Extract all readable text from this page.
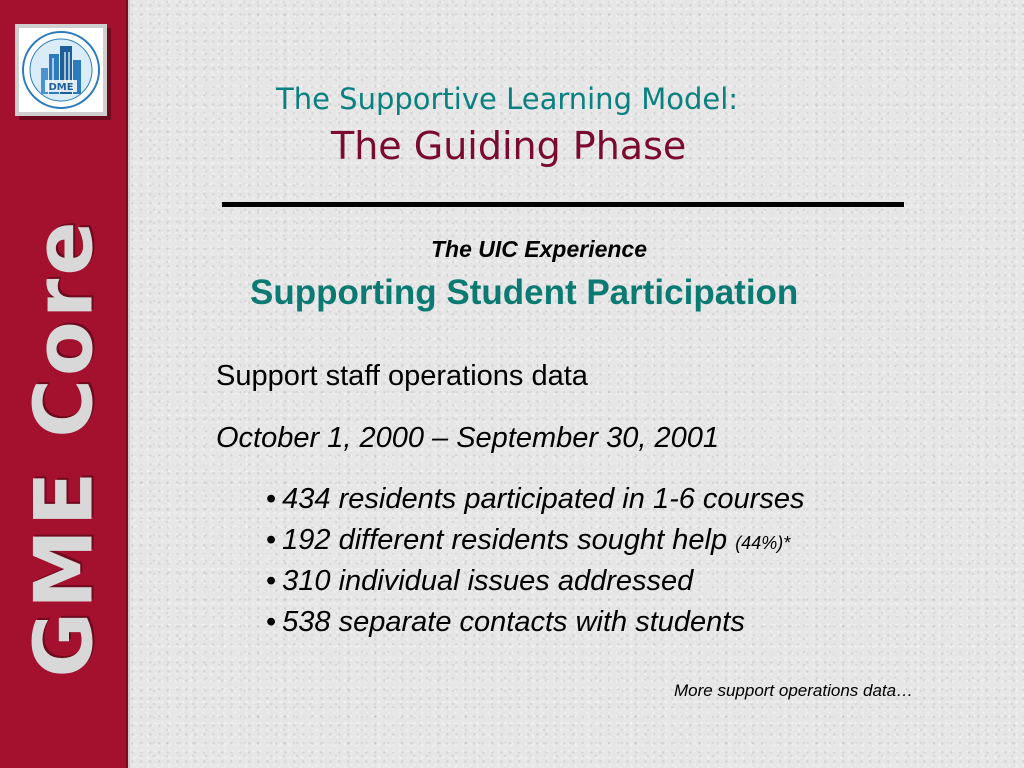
DME
GME Core
The Supportive Learning Model:
The Guiding Phase
The UIC Experience
Supporting Student Participation
Support staff operations data
October 1, 2000 – September 30, 2001
• 434 residents participated in 1-6 courses
• 192 different residents sought help (44%)*
• 310 individual issues addressed
• 538 separate contacts with students
More support operations data…
